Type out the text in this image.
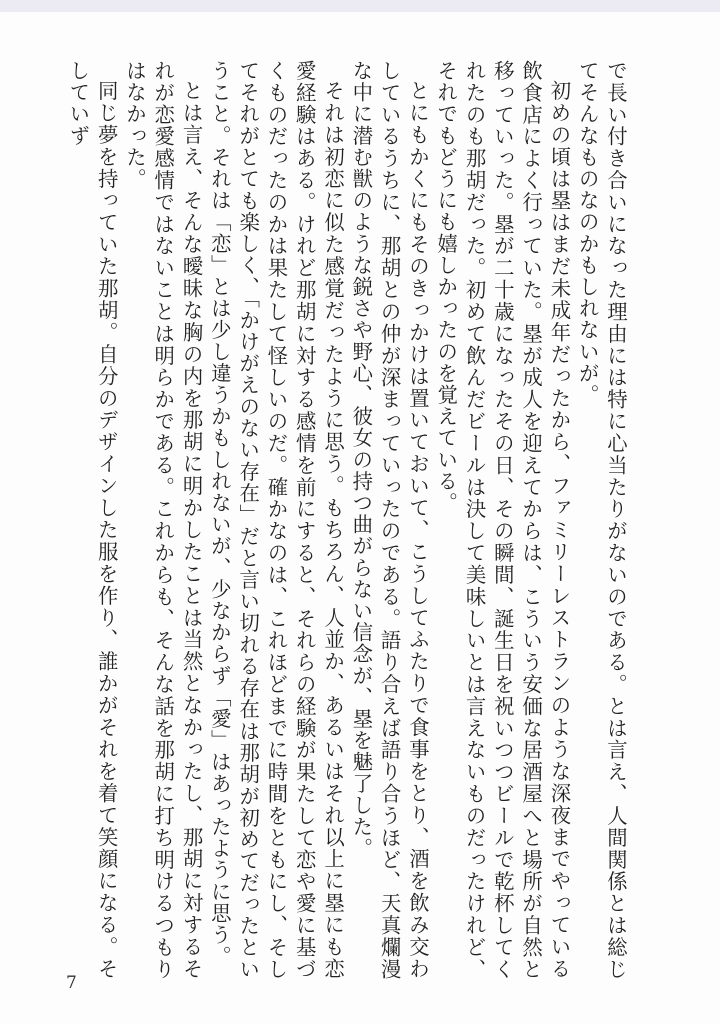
で長い付き合いになった理由には特に心当たりがないのである。とは言え、人間関係とは総じてそんなものなのかもしれないが。

初めの頃は塁はまだ未成年だったから、ファミリーレストランのような深夜までやっている飲食店によく行っていた。塁が成人を迎えてからは、こういう安価な居酒屋へと場所が自然と移っていった。塁が二十歳になったその日、その瞬間、誕生日を祝いつつビールで乾杯してくれたのも那胡だった。初めて飲んだビールは決して美味しいとは言えないものだったけれど、それでもどうにも嬉しかったのを覚えている。

とにもかくにもそのきっかけは置いておいて、こうしてふたりで食事をとり、酒を飲み交わしているうちに、那胡との仲が深まっていったのである。語り合えば語り合うほど、天真爛漫な中に潜む獣のような鋭さや野心、彼女の持つ曲がらない信念が、塁を魅了した。

それは初恋に似た感覚だったように思う。もちろん、人並か、あるいはそれ以上に塁にも恋愛経験はある。けれど那胡に対する感情を前にすると、それらの経験が果たして恋や愛に基づくものだったのかは果たして怪しいのだ。確かなのは、これほどまでに時間をともにし、そしてそれがとても楽しく、「かけがえのない存在」だと言い切れる存在は那胡が初めてだったということ。それは「恋」とは少し違うかもしれないが、少なからず「愛」はあったように思う。

とは言え、そんな曖昧な胸の内を那胡に明かしたことは当然となかったし、那胡に対するそれが恋愛感情ではないことは明らかである。これからも、そんな話を那胡に打ち明けるつもりはなかった。

同じ夢を持っていた那胡。自分のデザインした服を作り、誰かがそれを着て笑顔になる。そしていず

7
